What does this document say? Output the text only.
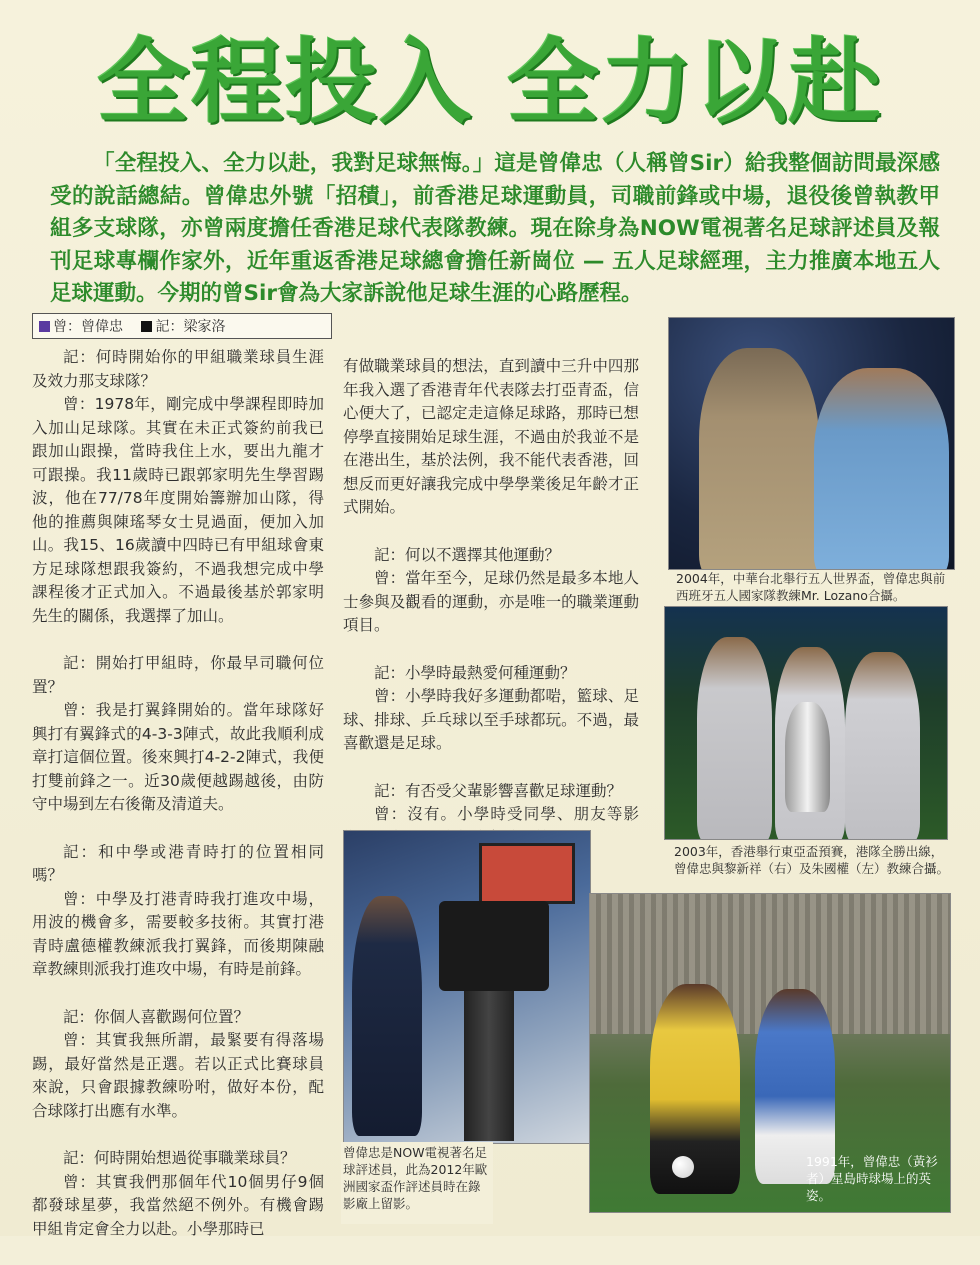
全程投入 全力以赴

「全程投入、全力以赴，我對足球無悔。」這是曾偉忠（人稱曾Sir）給我整個訪問最深感受的說話總結。曾偉忠外號「招積」，前香港足球運動員，司職前鋒或中場，退役後曾執教甲組多支球隊，亦曾兩度擔任香港足球代表隊教練。現在除身為NOW電視著名足球評述員及報刊足球專欄作家外，近年重返香港足球總會擔任新崗位 — 五人足球經理，主力推廣本地五人足球運動。今期的曾Sir會為大家訴說他足球生涯的心路歷程。

曾：曾偉忠 記：梁家洛

記：何時開始你的甲組職業球員生涯及效力那支球隊？
曾：1978年，剛完成中學課程即時加入加山足球隊。其實在未正式簽約前我已跟加山跟操，當時我住上水，要出九龍才可跟操。我11歲時已跟郭家明先生學習踢波，他在77/78年度開始籌辦加山隊，得他的推薦與陳瑤琴女士見過面，便加入加山。我15、16歲讀中四時已有甲組球會東方足球隊想跟我簽約，不過我想完成中學課程後才正式加入。不過最後基於郭家明先生的關係，我選擇了加山。

記：開始打甲組時，你最早司職何位置？
曾：我是打翼鋒開始的。當年球隊好興打有翼鋒式的4-3-3陣式，故此我順利成章打這個位置。後來興打4-2-2陣式，我便打雙前鋒之一。近30歲便越踢越後，由防守中場到左右後衛及清道夫。

記：和中學或港青時打的位置相同嗎？
曾：中學及打港青時我打進攻中場，用波的機會多，需要較多技術。其實打港青時盧德權教練派我打翼鋒，而後期陳融章教練則派我打進攻中場，有時是前鋒。

記：你個人喜歡踢何位置？
曾：其實我無所謂，最緊要有得落場踢，最好當然是正選。若以正式比賽球員來說，只會跟據教練吩咐，做好本份，配合球隊打出應有水準。

記：何時開始想過從事職業球員？
曾：其實我們那個年代10個男仔9個都發球星夢，我當然絕不例外。有機會踢甲組肯定會全力以赴。小學那時已

有做職業球員的想法，直到讀中三升中四那年我入選了香港青年代表隊去打亞青盃，信心便大了，已認定走這條足球路，那時已想停學直接開始足球生涯，不過由於我並不是在港出生，基於法例，我不能代表香港，回想反而更好讓我完成中學學業後足年齡才正式開始。

記：何以不選擇其他運動？
曾：當年至今，足球仍然是最多本地人士參與及觀看的運動，亦是唯一的職業運動項目。

記：小學時最熱愛何種運動？
曾：小學時我好多運動都啱，籃球、足球、排球、乒乓球以至手球都玩。不過，最喜歡還是足球。

記：有否受父輩影響喜歡足球運動？
曾：沒有。小學時受同學、朋友等影

2004年，中華台北舉行五人世界盃，曾偉忠與前西班牙五人國家隊教練Mr. Lozano合攝。
2003年，香港舉行東亞盃預賽，港隊全勝出線，曾偉忠與黎新祥（右）及朱國權（左）教練合攝。
曾偉忠是NOW電視著名足球評述員，此為2012年歐洲國家盃作評述員時在錄影廠上留影。
1991年，曾偉忠（黃衫者）星島時球場上的英姿。
